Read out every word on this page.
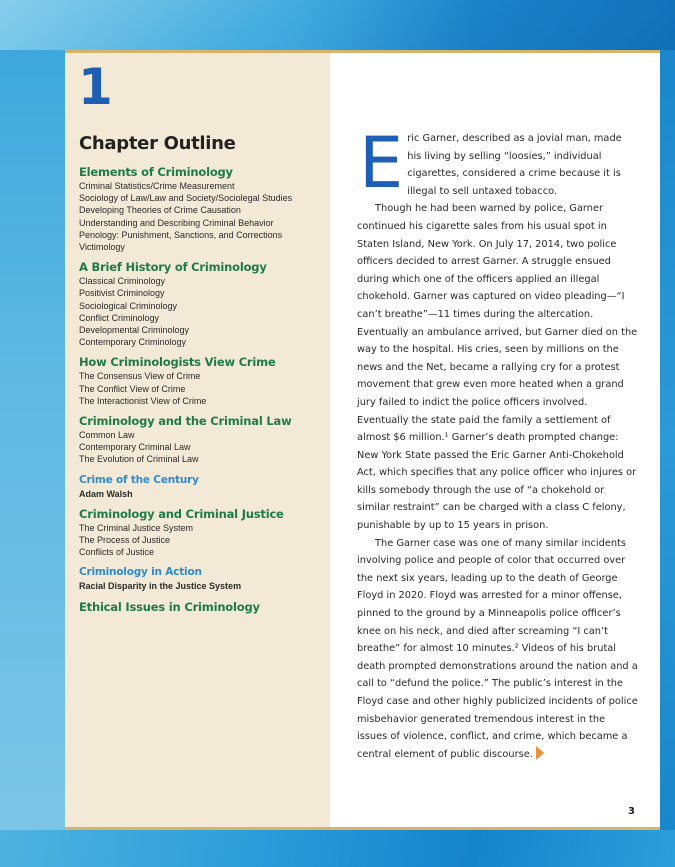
1
Chapter Outline
Elements of Criminology
Criminal Statistics/Crime Measurement
Sociology of Law/Law and Society/Sociolegal Studies
Developing Theories of Crime Causation
Understanding and Describing Criminal Behavior
Penology: Punishment, Sanctions, and Corrections
Victimology
A Brief History of Criminology
Classical Criminology
Positivist Criminology
Sociological Criminology
Conflict Criminology
Developmental Criminology
Contemporary Criminology
How Criminologists View Crime
The Consensus View of Crime
The Conflict View of Crime
The Interactionist View of Crime
Criminology and the Criminal Law
Common Law
Contemporary Criminal Law
The Evolution of Criminal Law
Crime of the Century
Adam Walsh
Criminology and Criminal Justice
The Criminal Justice System
The Process of Justice
Conflicts of Justice
Criminology in Action
Racial Disparity in the Justice System
Ethical Issues in Criminology

Eric Garner, described as a jovial man, made his living by selling “loosies,” individual cigarettes, considered a crime because it is illegal to sell untaxed tobacco.

Though he had been warned by police, Garner continued his cigarette sales from his usual spot in Staten Island, New York. On July 17, 2014, two police officers decided to arrest Garner. A struggle ensued during which one of the officers applied an illegal chokehold. Garner was captured on video pleading—“I can’t breathe”—11 times during the altercation. Eventually an ambulance arrived, but Garner died on the way to the hospital. His cries, seen by millions on the news and the Net, became a rallying cry for a protest movement that grew even more heated when a grand jury failed to indict the police officers involved. Eventually the state paid the family a settlement of almost $6 million.¹ Garner’s death prompted change: New York State passed the Eric Garner Anti-Chokehold Act, which specifies that any police officer who injures or kills somebody through the use of “a chokehold or similar restraint” can be charged with a class C felony, punishable by up to 15 years in prison.

The Garner case was one of many similar incidents involving police and people of color that occurred over the next six years, leading up to the death of George Floyd in 2020. Floyd was arrested for a minor offense, pinned to the ground by a Minneapolis police officer’s knee on his neck, and died after screaming “I can’t breathe” for almost 10 minutes.² Videos of his brutal death prompted demonstrations around the nation and a call to “defund the police.” The public’s interest in the Floyd case and other highly publicized incidents of police misbehavior generated tremendous interest in the issues of violence, conflict, and crime, which became a central element of public discourse.

3
